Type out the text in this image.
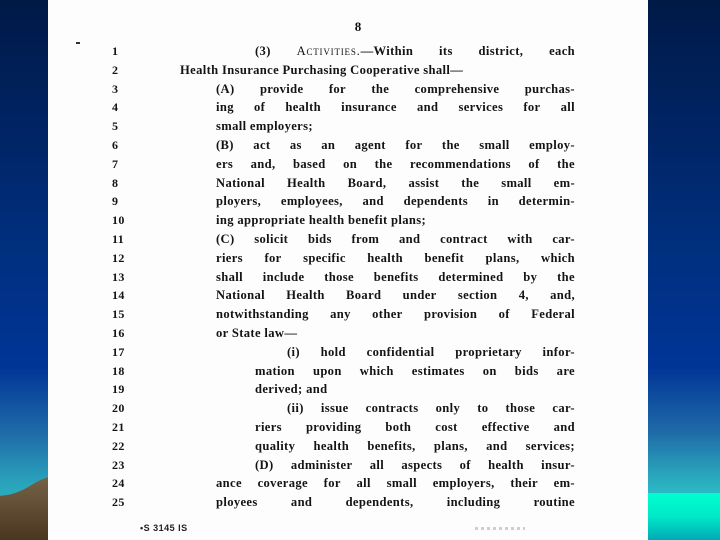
8
1	(3) Activities.—Within its district, each
2	Health Insurance Purchasing Cooperative shall—
3	(A) provide for the comprehensive purchas-
4	ing of health insurance and services for all
5	small employers;
6	(B) act as an agent for the small employ-
7	ers and, based on the recommendations of the
8	National Health Board, assist the small em-
9	ployers, employees, and dependents in determin-
10	ing appropriate health benefit plans;
11	(C) solicit bids from and contract with car-
12	riers for specific health benefit plans, which
13	shall include those benefits determined by the
14	National Health Board under section 4, and,
15	notwithstanding any other provision of Federal
16	or State law—
17	(i) hold confidential proprietary infor-
18	mation upon which estimates on bids are
19	derived; and
20	(ii) issue contracts only to those car-
21	riers providing both cost effective and
22	quality health benefits, plans, and services;
23	(D) administer all aspects of health insur-
24	ance coverage for all small employers, their em-
25	ployees	and	dependents,	including	routine
•S 3145 IS
